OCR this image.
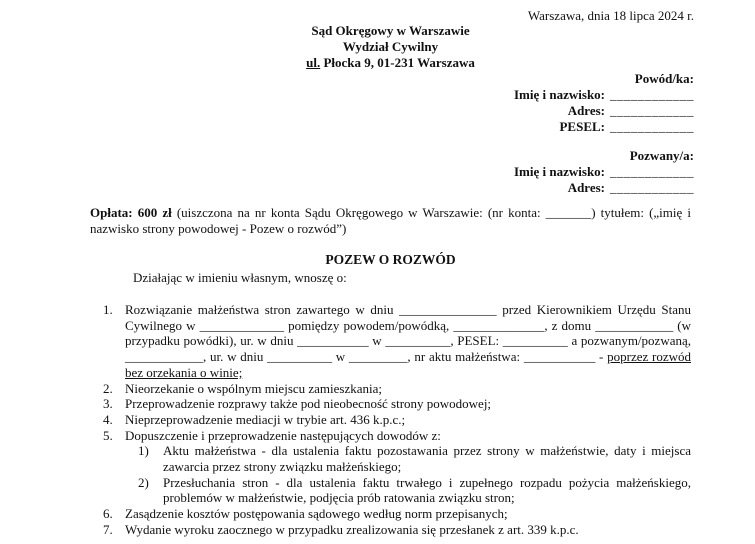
Warszawa, dnia 18 lipca 2024 r.
Sąd Okręgowy w Warszawie
Wydział Cywilny
ul. Płocka 9, 01-231 Warszawa
Powód/ka:
Imię i nazwisko: ____________
Adres: ____________
PESEL: ____________
Pozwany/a:
Imię i nazwisko: ____________
Adres: ____________

Opłata: 600 zł (uiszczona na nr konta Sądu Okręgowego w Warszawie: (nr konta: _______) tytułem: („imię i nazwisko strony powodowej - Pozew o rozwód”)

POZEW O ROZWÓD

Działając w imieniu własnym, wnoszę o:

1. Rozwiązanie małżeństwa stron zawartego w dniu _______________ przed Kierownikiem Urzędu Stanu Cywilnego w _____________ pomiędzy powodem/powódką, ______________, z domu ____________ (w przypadku powódki), ur. w dniu ___________ w __________, PESEL: __________ a pozwanym/pozwaną, ____________, ur. w dniu __________ w _________, nr aktu małżeństwa: ___________ - poprzez rozwód bez orzekania o winie;
2. Nieorzekanie o wspólnym miejscu zamieszkania;
3. Przeprowadzenie rozprawy także pod nieobecność strony powodowej;
4. Nieprzeprowadzenie mediacji w trybie art. 436 k.p.c.;
5. Dopuszczenie i przeprowadzenie następujących dowodów z:
1)	Aktu małżeństwa - dla ustalenia faktu pozostawania przez strony w małżeństwie, daty i miejsca zawarcia przez strony związku małżeńskiego;
2)	Przesłuchania stron - dla ustalenia faktu trwałego i zupełnego rozpadu pożycia małżeńskiego, problemów w małżeństwie, podjęcia prób ratowania związku stron;
6. Zasądzenie kosztów postępowania sądowego według norm przepisanych;
7. Wydanie wyroku zaocznego w przypadku zrealizowania się przesłanek z art. 339 k.p.c.
